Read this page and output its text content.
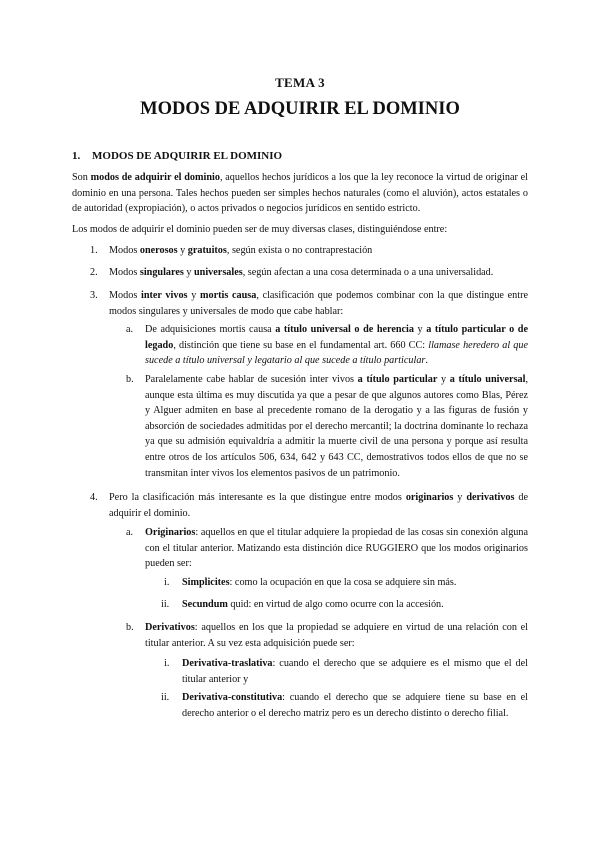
TEMA 3
MODOS DE ADQUIRIR EL DOMINIO
1. MODOS DE ADQUIRIR EL DOMINIO

Son modos de adquirir el dominio, aquellos hechos jurídicos a los que la ley reconoce la virtud de originar el dominio en una persona. Tales hechos pueden ser simples hechos naturales (como el aluvión), actos estatales o de autoridad (expropiación), o actos privados o negocios jurídicos en sentido estricto.

Los modos de adquirir el dominio pueden ser de muy diversas clases, distinguiéndose entre:

1. Modos onerosos y gratuitos, según exista o no contraprestación

2. Modos singulares y universales, según afectan a una cosa determinada o a una universalidad.

3. Modos inter vivos y mortis causa, clasificación que podemos combinar con la que distingue entre modos singulares y universales de modo que cabe hablar:

a. De adquisiciones mortis causa a título universal o de herencia y a título particular o de legado, distinción que tiene su base en el fundamental art. 660 CC: llamase heredero al que sucede a título universal y legatario al que sucede a título particular.

b. Paralelamente cabe hablar de sucesión inter vivos a título particular y a título universal, aunque esta última es muy discutida ya que a pesar de que algunos autores como Blas, Pérez y Alguer admiten en base al precedente romano de la derogatio y a las figuras de fusión y absorción de sociedades admitidas por el derecho mercantil; la doctrina dominante lo rechaza ya que su admisión equivaldría a admitir la muerte civil de una persona y porque así resulta entre otros de los artículos 506, 634, 642 y 643 CC, demostrativos todos ellos de que no se transmitan inter vivos los elementos pasivos de un patrimonio.

4. Pero la clasificación más interesante es la que distingue entre modos originarios y derivativos de adquirir el dominio.

a. Originarios: aquellos en que el titular adquiere la propiedad de las cosas sin conexión alguna con el titular anterior. Matizando esta distinción dice RUGGIERO que los modos originarios pueden ser:

i. Simplicites: como la ocupación en que la cosa se adquiere sin más.

ii. Secundum quid: en virtud de algo como ocurre con la accesión.

b. Derivativos: aquellos en los que la propiedad se adquiere en virtud de una relación con el titular anterior. A su vez esta adquisición puede ser:

i. Derivativa-traslativa: cuando el derecho que se adquiere es el mismo que el del titular anterior y

ii. Derivativa-constitutiva: cuando el derecho que se adquiere tiene su base en el derecho anterior o el derecho matriz pero es un derecho distinto o derecho filial.
